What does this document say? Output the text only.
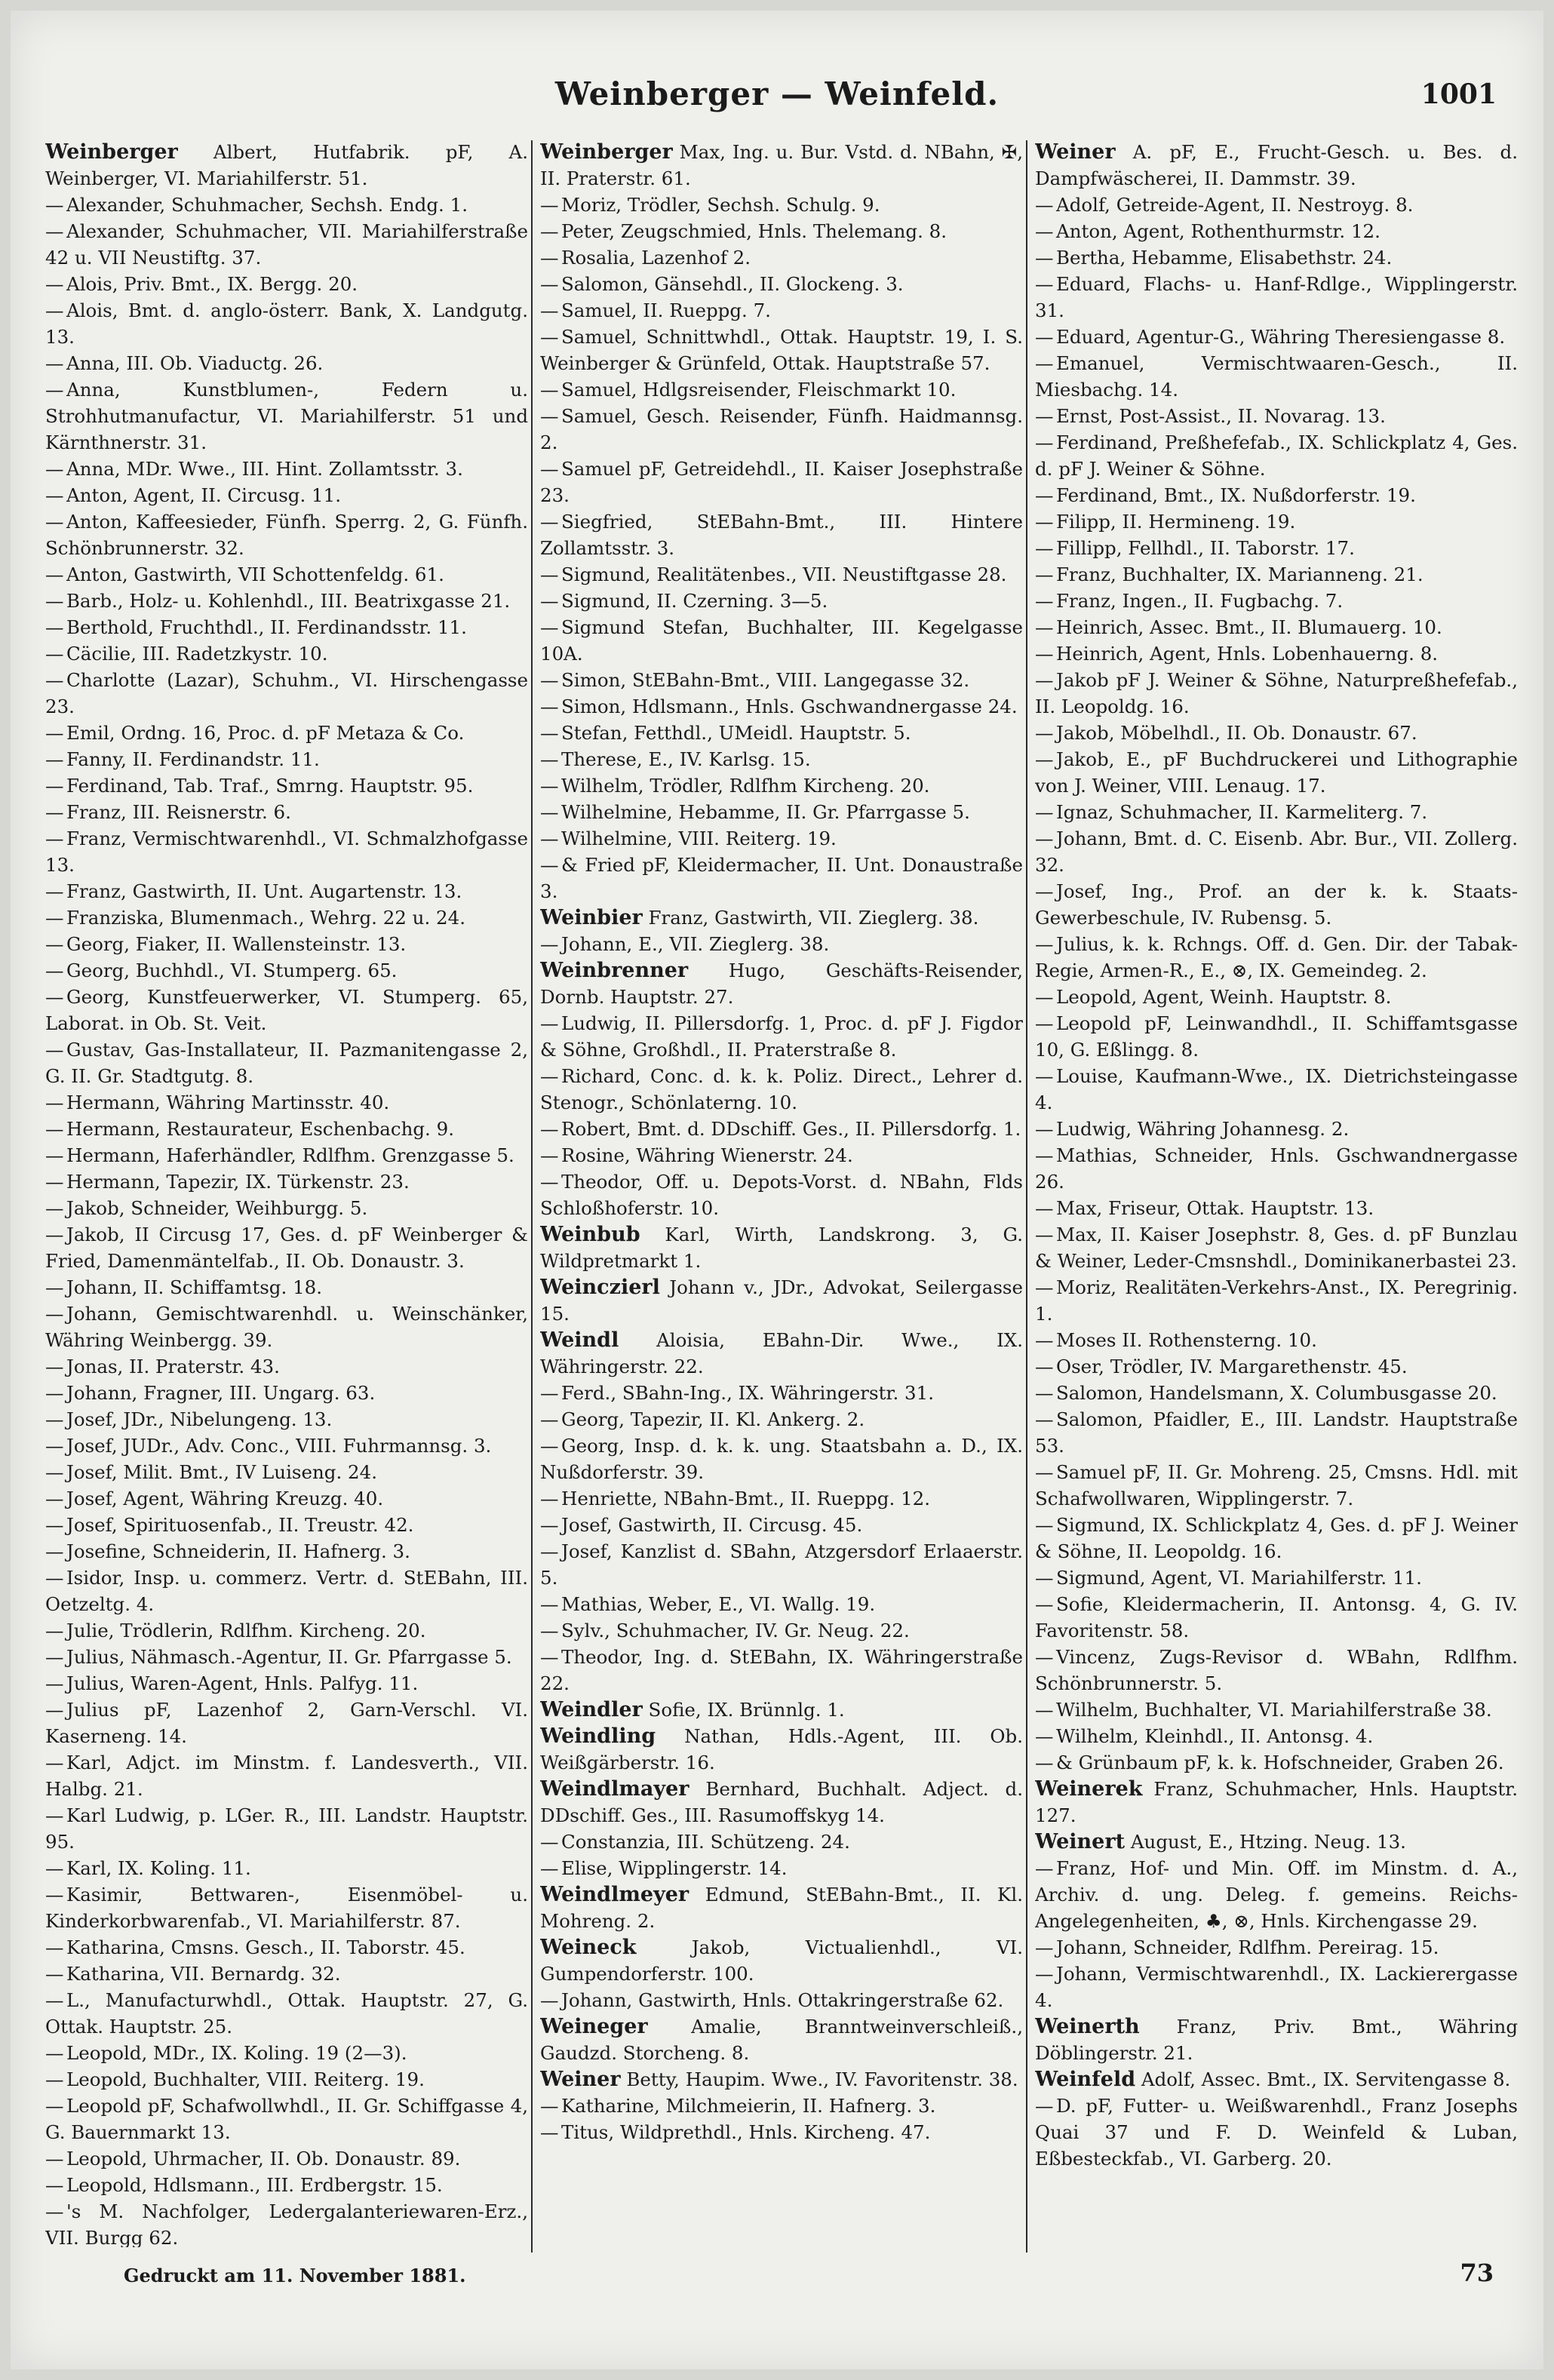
Weinberger — Weinfeld.	1001

Weinberger Albert, Hutfabrik. pF, A. Weinberger, VI. Mariahilferstr. 51.

— Alexander, Schuhmacher, Sechsh. Endg. 1.

— Alexander, Schuhmacher, VII. Mariahilferstraße 42 u. VII Neustiftg. 37.

— Alois, Priv. Bmt., IX. Bergg. 20.

— Alois, Bmt. d. anglo-österr. Bank, X. Landgutg. 13.

— Anna, III. Ob. Viaductg. 26.

— Anna, Kunstblumen-, Federn u. Strohhutmanufactur, VI. Mariahilferstr. 51 und Kärnthnerstr. 31.

— Anna, MDr. Wwe., III. Hint. Zollamtsstr. 3.

— Anton, Agent, II. Circusg. 11.

— Anton, Kaffeesieder, Fünfh. Sperrg. 2, G. Fünfh. Schönbrunnerstr. 32.

— Anton, Gastwirth, VII Schottenfeldg. 61.

— Barb., Holz- u. Kohlenhdl., III. Beatrixgasse 21.

— Berthold, Fruchthdl., II. Ferdinandsstr. 11.

— Cäcilie, III. Radetzkystr. 10.

— Charlotte (Lazar), Schuhm., VI. Hirschengasse 23.

— Emil, Ordng. 16, Proc. d. pF Metaza & Co.

— Fanny, II. Ferdinandstr. 11.

— Ferdinand, Tab. Traf., Smrng. Hauptstr. 95.

— Franz, III. Reisnerstr. 6.

— Franz, Vermischtwarenhdl., VI. Schmalzhofgasse 13.

— Franz, Gastwirth, II. Unt. Augartenstr. 13.

— Franziska, Blumenmach., Wehrg. 22 u. 24.

— Georg, Fiaker, II. Wallensteinstr. 13.

— Georg, Buchhdl., VI. Stumperg. 65.

— Georg, Kunstfeuerwerker, VI. Stumperg. 65, Laborat. in Ob. St. Veit.

— Gustav, Gas-Installateur, II. Pazmanitengasse 2, G. II. Gr. Stadtgutg. 8.

— Hermann, Währing Martinsstr. 40.

— Hermann, Restaurateur, Eschenbachg. 9.

— Hermann, Haferhändler, Rdlfhm. Grenzgasse 5.

— Hermann, Tapezir, IX. Türkenstr. 23.

— Jakob, Schneider, Weihburgg. 5.

— Jakob, II Circusg 17, Ges. d. pF Weinberger & Fried, Damenmäntelfab., II. Ob. Donaustr. 3.

— Johann, II. Schiffamtsg. 18.

— Johann, Gemischtwarenhdl. u. Weinschänker, Währing Weinbergg. 39.

— Jonas, II. Praterstr. 43.

— Johann, Fragner, III. Ungarg. 63.

— Josef, JDr., Nibelungeng. 13.

— Josef, JUDr., Adv. Conc., VIII. Fuhrmannsg. 3.

— Josef, Milit. Bmt., IV Luiseng. 24.

— Josef, Agent, Währing Kreuzg. 40.

— Josef, Spirituosenfab., II. Treustr. 42.

— Josefine, Schneiderin, II. Hafnerg. 3.

— Isidor, Insp. u. commerz. Vertr. d. StEBahn, III. Oetzeltg. 4.

— Julie, Trödlerin, Rdlfhm. Kircheng. 20.

— Julius, Nähmasch.-Agentur, II. Gr. Pfarrgasse 5.

— Julius, Waren-Agent, Hnls. Palfyg. 11.

— Julius pF, Lazenhof 2, Garn-Verschl. VI. Kaserneng. 14.

— Karl, Adjct. im Minstm. f. Landesverth., VII. Halbg. 21.

— Karl Ludwig, p. LGer. R., III. Landstr. Hauptstr. 95.

— Karl, IX. Koling. 11.

— Kasimir, Bettwaren-, Eisenmöbel- u. Kinderkorbwarenfab., VI. Mariahilferstr. 87.

— Katharina, Cmsns. Gesch., II. Taborstr. 45.

— Katharina, VII. Bernardg. 32.

— L., Manufacturwhdl., Ottak. Hauptstr. 27, G. Ottak. Hauptstr. 25.

— Leopold, MDr., IX. Koling. 19 (2—3).

— Leopold, Buchhalter, VIII. Reiterg. 19.

— Leopold pF, Schafwollwhdl., II. Gr. Schiffgasse 4, G. Bauernmarkt 13.

— Leopold, Uhrmacher, II. Ob. Donaustr. 89.

— Leopold, Hdlsmann., III. Erdbergstr. 15.

— 's M. Nachfolger, Ledergalanteriewaren-Erz., VII. Burgg 62.

Weinberger Max, Ing. u. Bur. Vstd. d. NBahn, ✠, II. Praterstr. 61.

— Moriz, Trödler, Sechsh. Schulg. 9.

— Peter, Zeugschmied, Hnls. Thelemang. 8.

— Rosalia, Lazenhof 2.

— Salomon, Gänsehdl., II. Glockeng. 3.

— Samuel, II. Rueppg. 7.

— Samuel, Schnittwhdl., Ottak. Hauptstr. 19, I. S. Weinberger & Grünfeld, Ottak. Hauptstraße 57.

— Samuel, Hdlgsreisender, Fleischmarkt 10.

— Samuel, Gesch. Reisender, Fünfh. Haidmannsg. 2.

— Samuel pF, Getreidehdl., II. Kaiser Josephstraße 23.

— Siegfried, StEBahn-Bmt., III. Hintere Zollamtsstr. 3.

— Sigmund, Realitätenbes., VII. Neustiftgasse 28.

— Sigmund, II. Czerning. 3—5.

— Sigmund Stefan, Buchhalter, III. Kegelgasse 10A.

— Simon, StEBahn-Bmt., VIII. Langegasse 32.

— Simon, Hdlsmann., Hnls. Gschwandnergasse 24.

— Stefan, Fetthdl., UMeidl. Hauptstr. 5.

— Therese, E., IV. Karlsg. 15.

— Wilhelm, Trödler, Rdlfhm Kircheng. 20.

— Wilhelmine, Hebamme, II. Gr. Pfarrgasse 5.

— Wilhelmine, VIII. Reiterg. 19.

— & Fried pF, Kleidermacher, II. Unt. Donaustraße 3.

Weinbier Franz, Gastwirth, VII. Zieglerg. 38.

— Johann, E., VII. Zieglerg. 38.

Weinbrenner Hugo, Geschäfts-Reisender, Dornb. Hauptstr. 27.

— Ludwig, II. Pillersdorfg. 1, Proc. d. pF J. Figdor & Söhne, Großhdl., II. Praterstraße 8.

— Richard, Conc. d. k. k. Poliz. Direct., Lehrer d. Stenogr., Schönlaterng. 10.

— Robert, Bmt. d. DDschiff. Ges., II. Pillersdorfg. 1.

— Rosine, Währing Wienerstr. 24.

— Theodor, Off. u. Depots-Vorst. d. NBahn, Flds Schloßhoferstr. 10.

Weinbub Karl, Wirth, Landskrong. 3, G. Wildpretmarkt 1.

Weinczierl Johann v., JDr., Advokat, Seilergasse 15.

Weindl Aloisia, EBahn-Dir. Wwe., IX. Währingerstr. 22.

— Ferd., SBahn-Ing., IX. Währingerstr. 31.

— Georg, Tapezir, II. Kl. Ankerg. 2.

— Georg, Insp. d. k. k. ung. Staatsbahn a. D., IX. Nußdorferstr. 39.

— Henriette, NBahn-Bmt., II. Rueppg. 12.

— Josef, Gastwirth, II. Circusg. 45.

— Josef, Kanzlist d. SBahn, Atzgersdorf Erlaaerstr. 5.

— Mathias, Weber, E., VI. Wallg. 19.

— Sylv., Schuhmacher, IV. Gr. Neug. 22.

— Theodor, Ing. d. StEBahn, IX. Währingerstraße 22.

Weindler Sofie, IX. Brünnlg. 1.

Weindling Nathan, Hdls.-Agent, III. Ob. Weißgärberstr. 16.

Weindlmayer Bernhard, Buchhalt. Adject. d. DDschiff. Ges., III. Rasumoffskyg 14.

— Constanzia, III. Schützeng. 24.

— Elise, Wipplingerstr. 14.

Weindlmeyer Edmund, StEBahn-Bmt., II. Kl. Mohreng. 2.

Weineck	Jakob, Victualienhdl., VI. Gumpendorferstr. 100.

— Johann, Gastwirth, Hnls. Ottakringerstraße 62.

Weineger Amalie, Branntweinverschleiß., Gaudzd. Storcheng. 8.

Weiner Betty, Haupim. Wwe., IV. Favoritenstr. 38.

— Katharine, Milchmeierin, II. Hafnerg. 3.

— Titus, Wildprethdl., Hnls. Kircheng. 47.

Weiner A. pF, E., Frucht-Gesch. u. Bes. d. Dampfwäscherei, II. Dammstr. 39.

— Adolf, Getreide-Agent, II. Nestroyg. 8.

— Anton, Agent, Rothenthurmstr. 12.

— Bertha, Hebamme, Elisabethstr. 24.

— Eduard, Flachs- u. Hanf-Rdlge., Wipplingerstr. 31.

— Eduard, Agentur-G., Währing Theresiengasse 8.

— Emanuel, Vermischtwaaren-Gesch., II. Miesbachg. 14.

— Ernst, Post-Assist., II. Novarag. 13.

— Ferdinand, Preßhefefab., IX. Schlickplatz 4, Ges. d. pF J. Weiner & Söhne.

— Ferdinand, Bmt., IX. Nußdorferstr. 19.

— Filipp, II. Hermineng. 19.

— Fillipp, Fellhdl., II. Taborstr. 17.

— Franz, Buchhalter, IX. Marianneng. 21.

— Franz, Ingen., II. Fugbachg. 7.

— Heinrich, Assec. Bmt., II. Blumauerg. 10.

— Heinrich, Agent, Hnls. Lobenhauerng. 8.

— Jakob pF J. Weiner & Söhne, Naturpreßhefefab., II. Leopoldg. 16.

— Jakob, Möbelhdl., II. Ob. Donaustr. 67.

— Jakob, E., pF Buchdruckerei und Lithographie von J. Weiner, VIII. Lenaug. 17.

— Ignaz, Schuhmacher, II. Karmeliterg. 7.

— Johann, Bmt. d. C. Eisenb. Abr. Bur., VII. Zollerg. 32.

— Josef, Ing., Prof. an der k. k. Staats-Gewerbeschule, IV. Rubensg. 5.

— Julius, k. k. Rchngs. Off. d. Gen. Dir. der Tabak-Regie, Armen-R., E., ⊗, IX. Gemeindeg. 2.

— Leopold, Agent, Weinh. Hauptstr. 8.

— Leopold pF, Leinwandhdl., II. Schiffamtsgasse 10, G. Eßlingg. 8.

— Louise, Kaufmann-Wwe., IX. Dietrichsteingasse 4.

— Ludwig, Währing Johannesg. 2.

— Mathias, Schneider, Hnls. Gschwandnergasse 26.

— Max, Friseur, Ottak. Hauptstr. 13.

— Max, II. Kaiser Josephstr. 8, Ges. d. pF Bunzlau & Weiner, Leder-Cmsnshdl., Dominikanerbastei 23.

— Moriz, Realitäten-Verkehrs-Anst., IX. Peregrinig. 1.

— Moses II. Rothensterng. 10.

— Oser, Trödler, IV. Margarethenstr. 45.

— Salomon, Handelsmann, X. Columbusgasse 20.

— Salomon, Pfaidler, E., III. Landstr. Hauptstraße 53.

— Samuel pF, II. Gr. Mohreng. 25, Cmsns. Hdl. mit Schafwollwaren, Wipplingerstr. 7.

— Sigmund, IX. Schlickplatz 4, Ges. d. pF J. Weiner & Söhne, II. Leopoldg. 16.

— Sigmund, Agent, VI. Mariahilferstr. 11.

— Sofie, Kleidermacherin, II. Antonsg. 4, G. IV. Favoritenstr. 58.

— Vincenz, Zugs-Revisor d. WBahn, Rdlfhm. Schönbrunnerstr. 5.

— Wilhelm, Buchhalter, VI. Mariahilferstraße 38.

— Wilhelm, Kleinhdl., II. Antonsg. 4.

— & Grünbaum pF, k. k. Hofschneider, Graben 26.

Weinerek Franz, Schuhmacher, Hnls. Hauptstr. 127.

Weinert August, E., Htzing. Neug. 13.

— Franz, Hof- und Min. Off. im Minstm. d. A., Archiv. d. ung. Deleg. f. gemeins. Reichs-Angelegenheiten, ♣, ⊗, Hnls. Kirchengasse 29.

— Johann, Schneider, Rdlfhm. Pereirag. 15.

— Johann, Vermischtwarenhdl., IX. Lackierergasse 4.

Weinerth Franz, Priv. Bmt., Währing Döblingerstr. 21.

Weinfeld Adolf, Assec. Bmt., IX. Servitengasse 8.

— D. pF, Futter- u. Weißwarenhdl., Franz Josephs Quai 37 und F. D. Weinfeld & Luban, Eßbesteckfab., VI. Garberg. 20.

Gedruckt am 11. November 1881.	73
